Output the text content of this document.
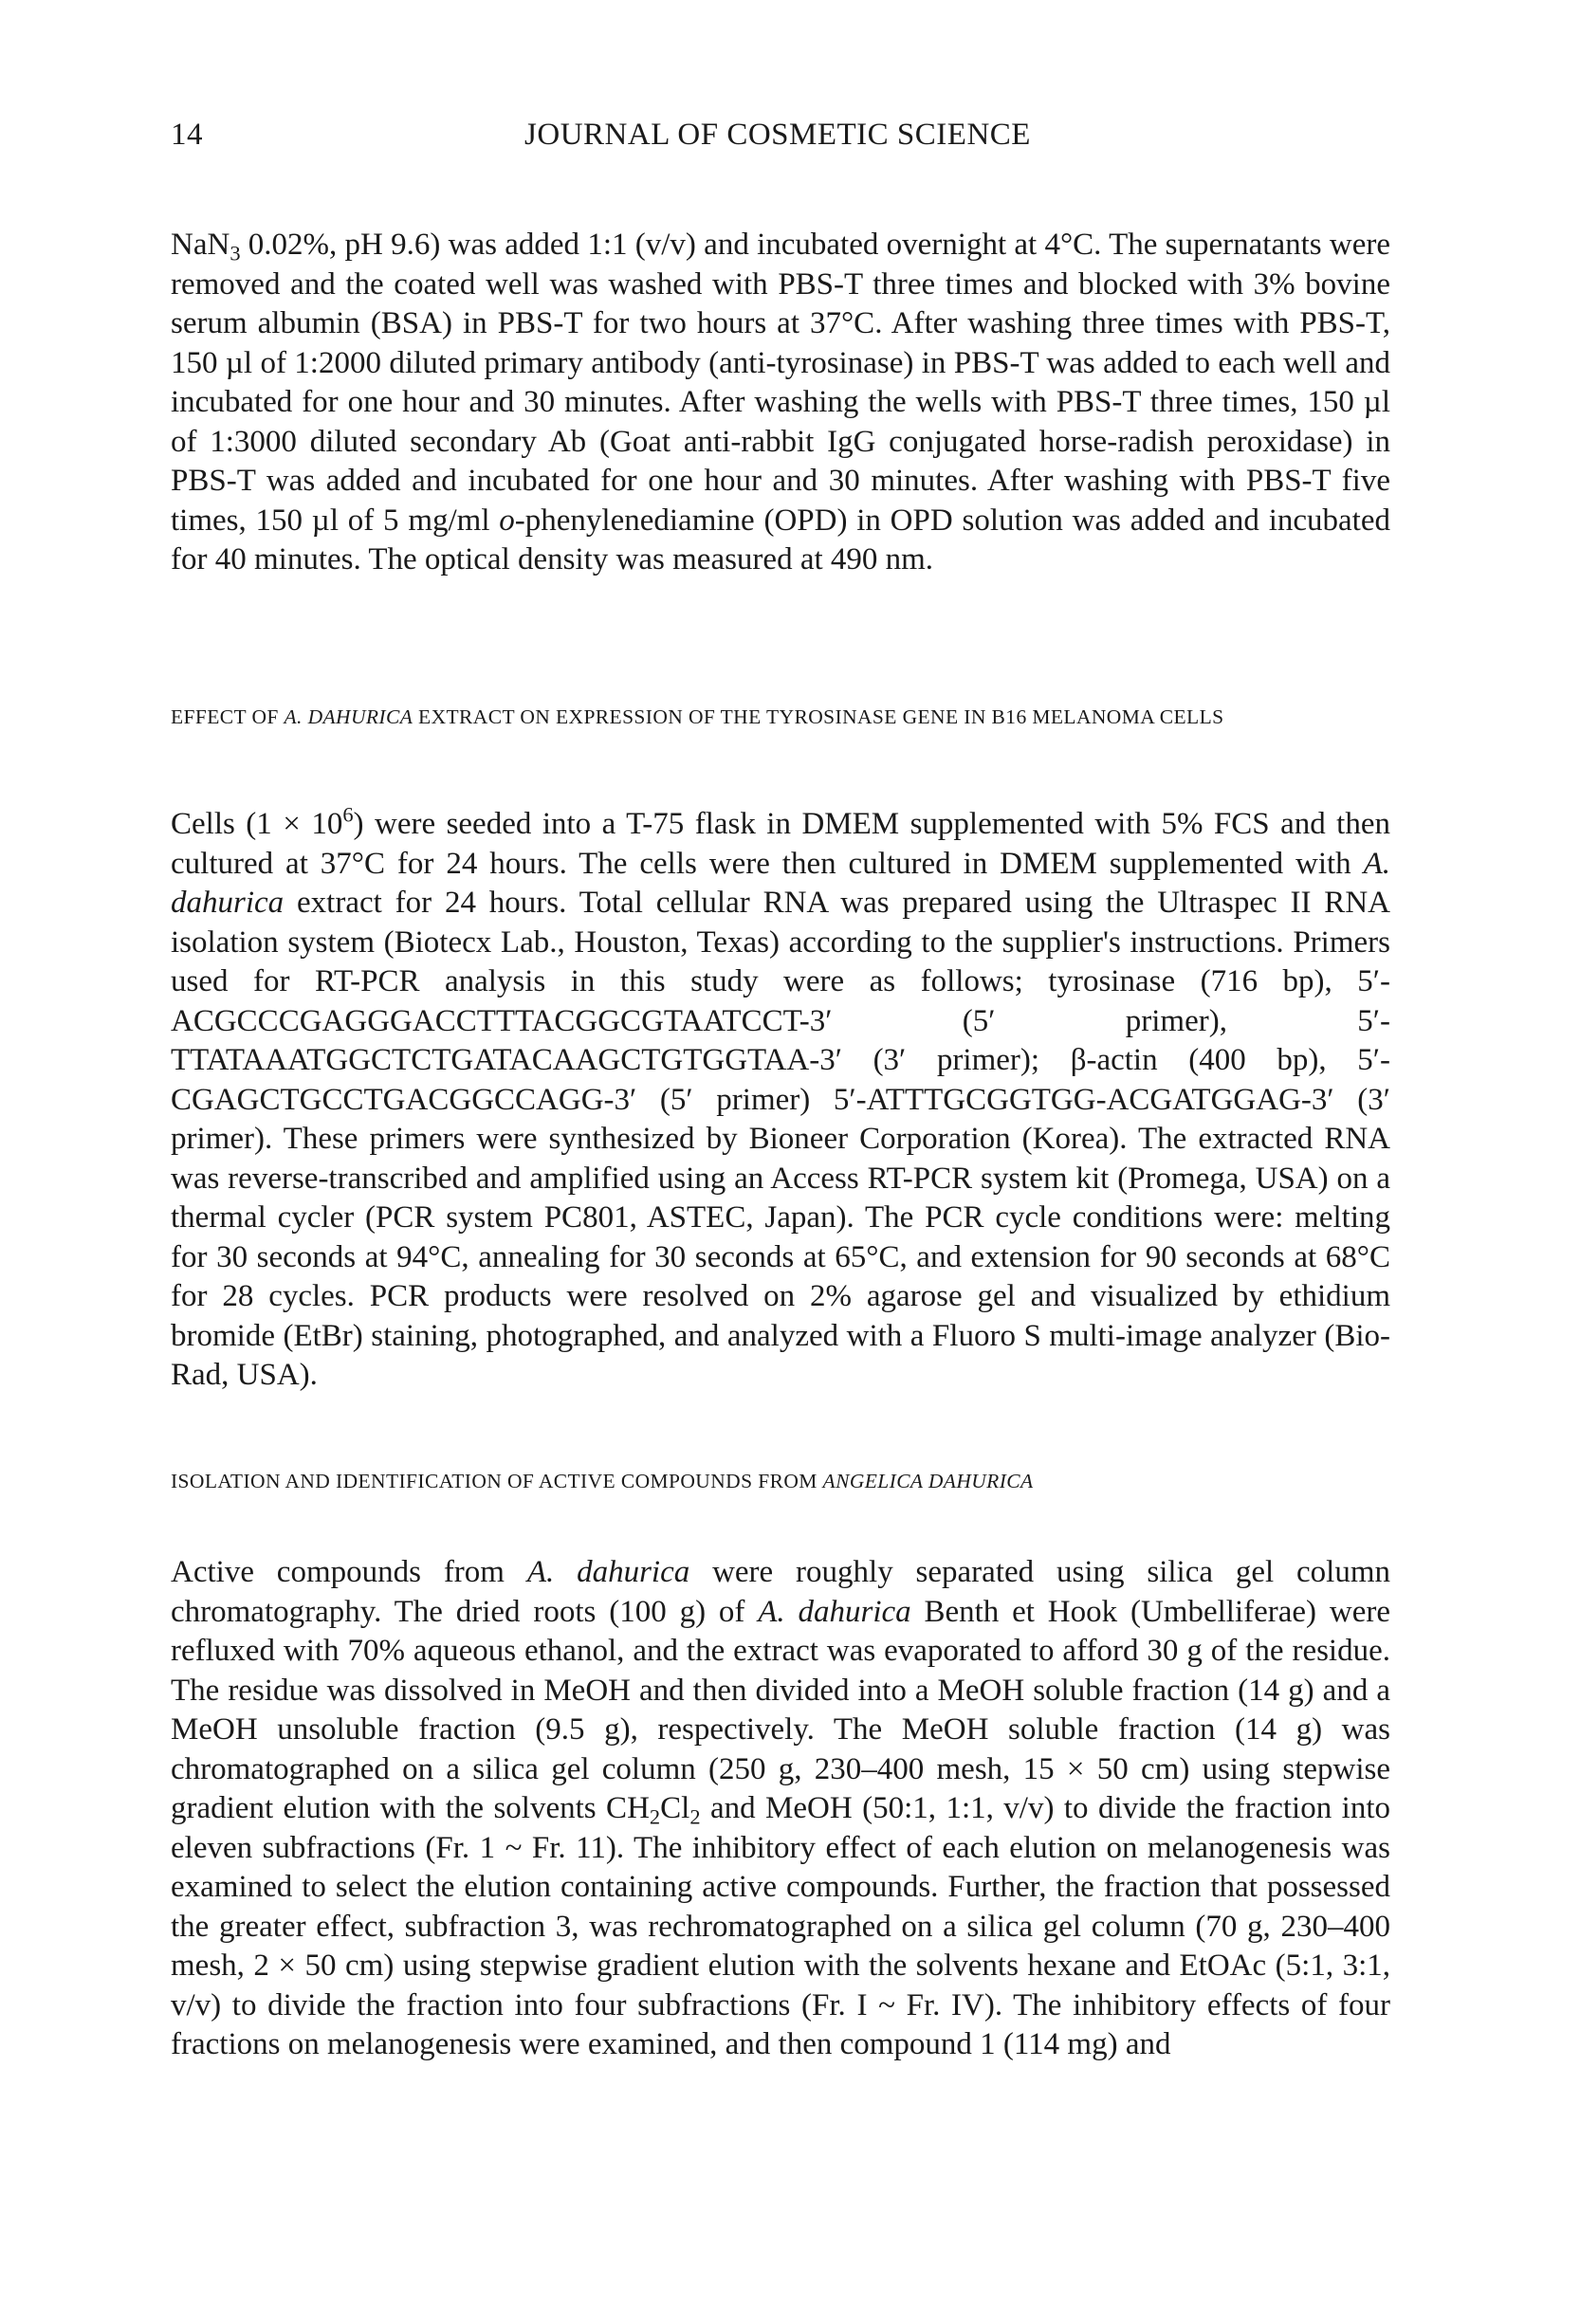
14	JOURNAL OF COSMETIC SCIENCE

NaN$_3$ 0.02%, pH 9.6) was added 1:1 (v/v) and incubated overnight at 4°C. The supernatants were removed and the coated well was washed with PBS-T three times and blocked with 3% bovine serum albumin (BSA) in PBS-T for two hours at 37°C. After washing three times with PBS-T, 150 µl of 1:2000 diluted primary antibody (anti-tyrosinase) in PBS-T was added to each well and incubated for one hour and 30 minutes. After washing the wells with PBS-T three times, 150 µl of 1:3000 diluted secondary Ab (Goat anti-rabbit IgG conjugated horse-radish peroxidase) in PBS-T was added and incubated for one hour and 30 minutes. After washing with PBS-T five times, 150 µl of 5 mg/ml o-phenylenediamine (OPD) in OPD solution was added and incubated for 40 minutes. The optical density was measured at 490 nm.

EFFECT OF A. DAHURICA EXTRACT ON EXPRESSION OF THE TYROSINASE GENE IN B16 MELANOMA CELLS

Cells $(1 \times 10^6)$ were seeded into a T-75 flask in DMEM supplemented with 5% FCS and then cultured at 37°C for 24 hours. The cells were then cultured in DMEM supplemented with A. dahurica extract for 24 hours. Total cellular RNA was prepared using the Ultraspec II RNA isolation system (Biotecx Lab., Houston, Texas) according to the supplier's instructions. Primers used for RT-PCR analysis in this study were as follows; tyrosinase (716 bp), 5′-ACGCCCGAGGGACCTTTACGGCGTAATCCT-3′ (5′ primer), 5′-TTATAAATGGCTCTGATACAAGCTGTGGTAA-3′ (3′ primer); β-actin (400 bp), 5′-CGAGCTGCCTGACGGCCAGG-3′ (5′ primer) 5′-ATTTGCGGTGG-ACGATGGAG-3′ (3′ primer). These primers were synthesized by Bioneer Corporation (Korea). The extracted RNA was reverse-transcribed and amplified using an Access RT-PCR system kit (Promega, USA) on a thermal cycler (PCR system PC801, ASTEC, Japan). The PCR cycle conditions were: melting for 30 seconds at 94°C, annealing for 30 seconds at 65°C, and extension for 90 seconds at 68°C for 28 cycles. PCR products were resolved on 2% agarose gel and visualized by ethidium bromide (EtBr) staining, photographed, and analyzed with a Fluoro S multi-image analyzer (Bio-Rad, USA).

ISOLATION AND IDENTIFICATION OF ACTIVE COMPOUNDS FROM ANGELICA DAHURICA

Active compounds from A. dahurica were roughly separated using silica gel column chromatography. The dried roots (100 g) of A. dahurica Benth et Hook (Umbelliferae) were refluxed with 70% aqueous ethanol, and the extract was evaporated to afford 30 g of the residue. The residue was dissolved in MeOH and then divided into a MeOH soluble fraction (14 g) and a MeOH unsoluble fraction (9.5 g), respectively. The MeOH soluble fraction (14 g) was chromatographed on a silica gel column (250 g, 230–400 mesh, 15 × 50 cm) using stepwise gradient elution with the solvents $CH_2Cl_2$ and MeOH (50:1, 1:1, v/v) to divide the fraction into eleven subfractions (Fr. 1 ~ Fr. 11). The inhibitory effect of each elution on melanogenesis was examined to select the elution containing active compounds. Further, the fraction that possessed the greater effect, subfraction 3, was rechromatographed on a silica gel column (70 g, 230–400 mesh, 2 × 50 cm) using stepwise gradient elution with the solvents hexane and EtOAc (5:1, 3:1, v/v) to divide the fraction into four subfractions (Fr. I ~ Fr. IV). The inhibitory effects of four fractions on melanogenesis were examined, and then compound 1 (114 mg) and
